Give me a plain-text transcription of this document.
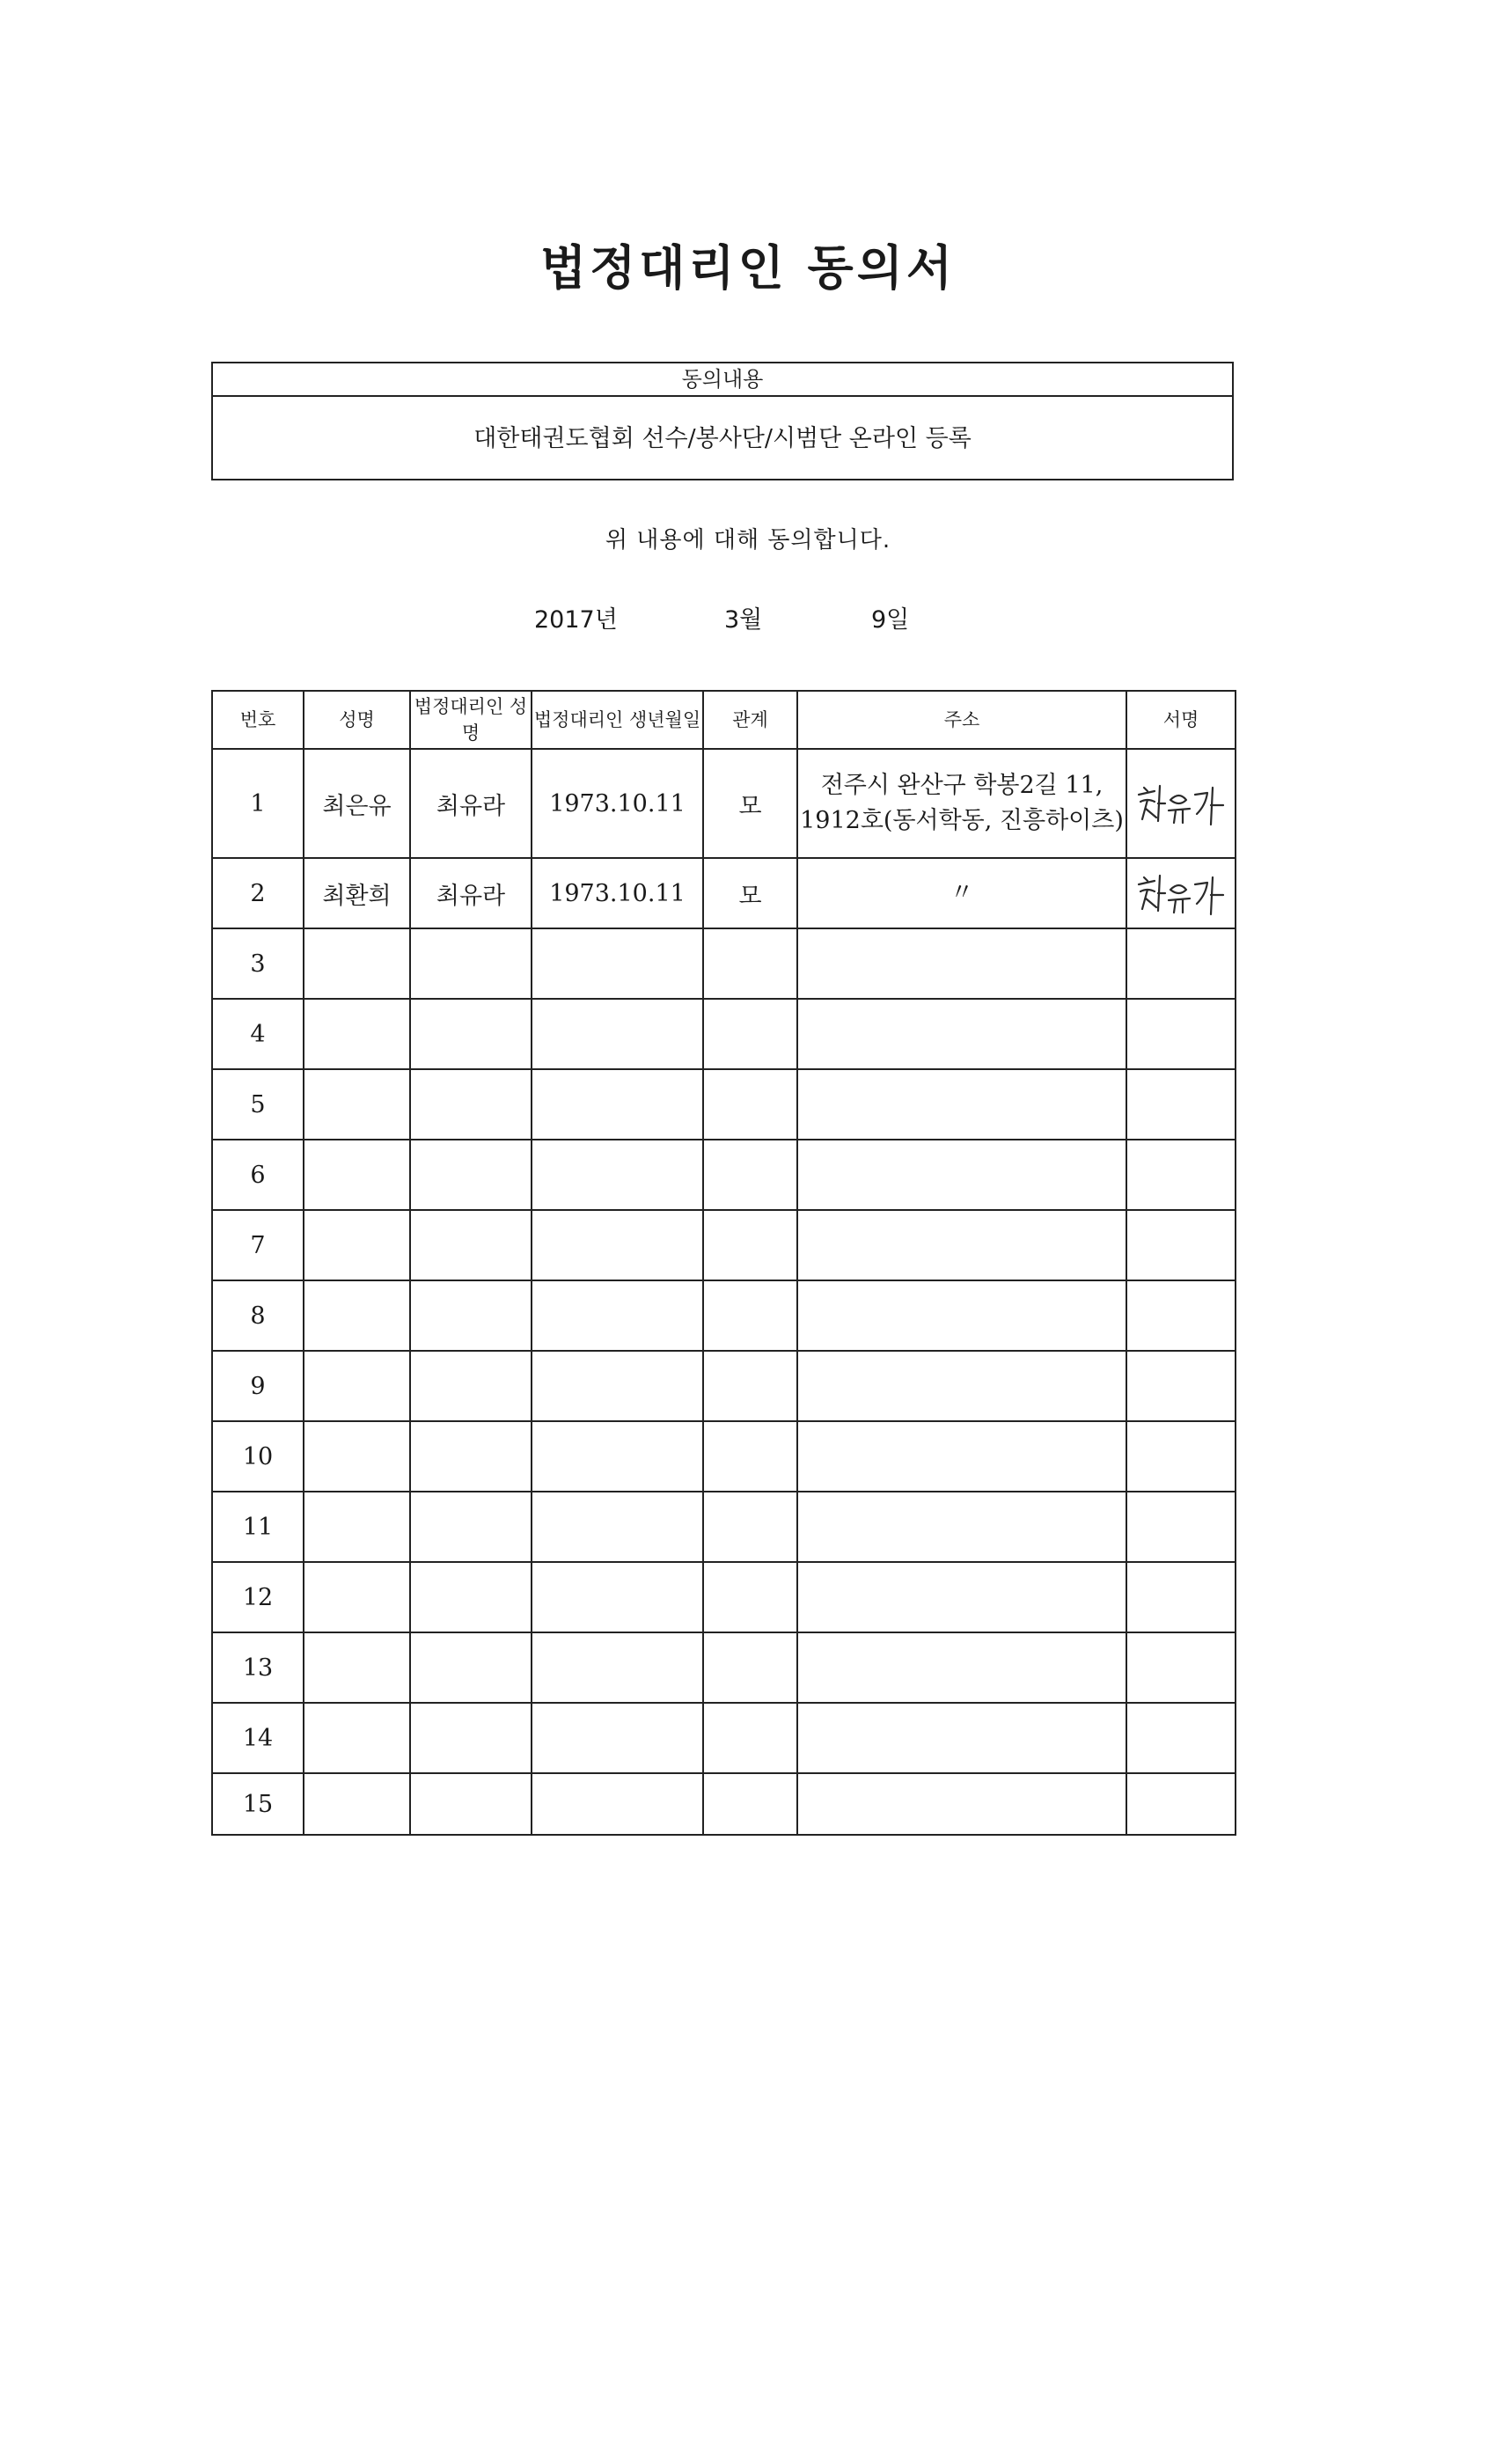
법정대리인 동의서
동의내용
대한태권도협회 선수/봉사단/시범단 온라인 등록
위 내용에 대해 동의합니다.
2017년	3월	9일
번호	성명	법정대리인 성명	법정대리인 생년월일	관계	주소	서명
1	최은유	최유라	1973.10.11	모	전주시 완산구 학봉2길 11, 1912호(동서학동, 진흥하이츠)	

2	최환희	최유라	1973.10.11	모	〃	

3						
4						
5						
6						
7						
8						
9						
10						
11						
12						
13						
14						
15						
